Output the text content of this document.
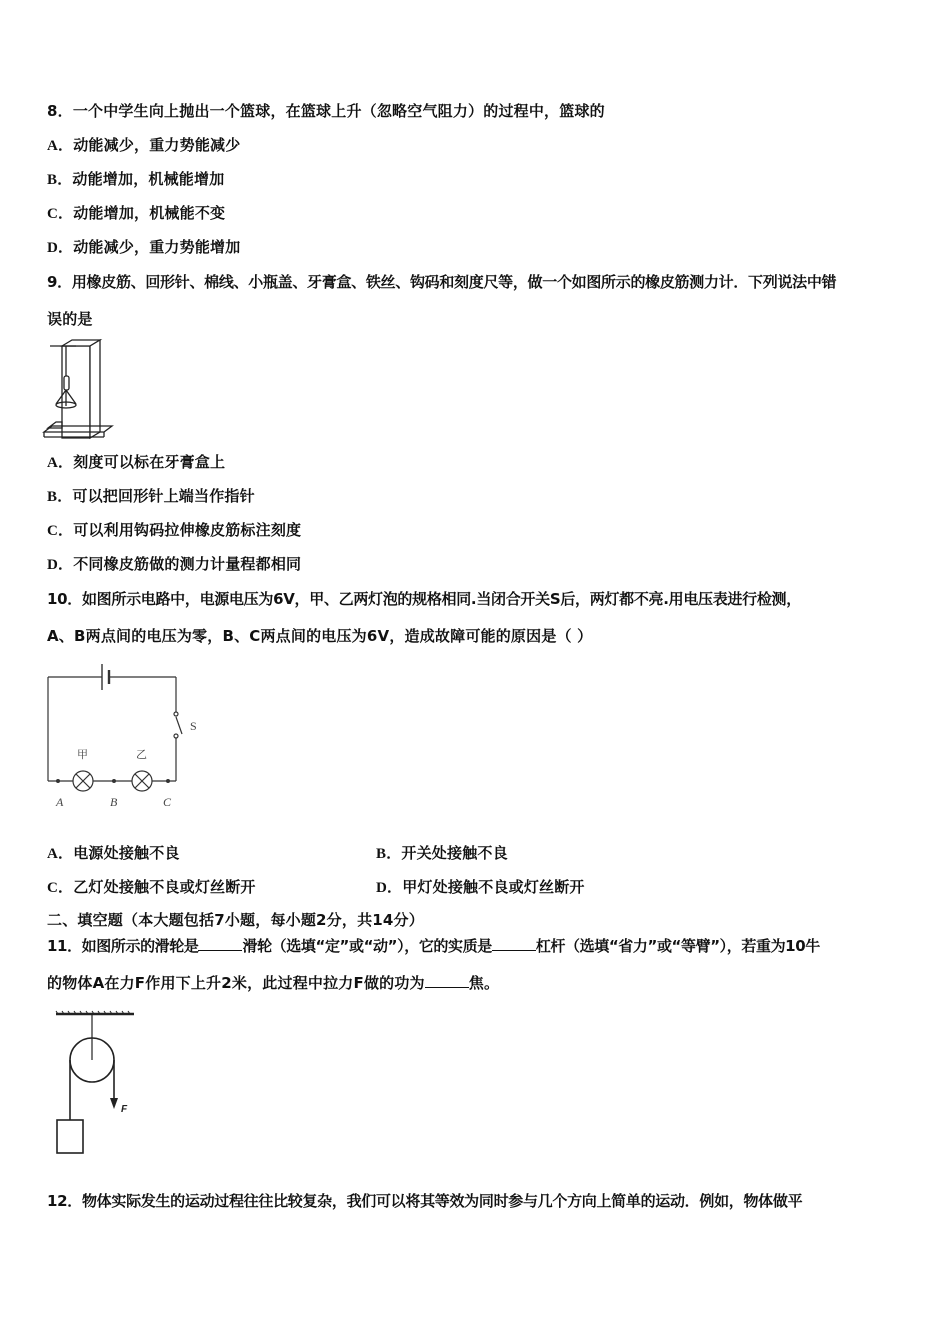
8．一个中学生向上抛出一个篮球，在篮球上升（忽略空气阻力）的过程中，篮球的
A．动能减少，重力势能减少
B．动能增加，机械能增加
C．动能增加，机械能不变
D．动能减少，重力势能增加
9．用橡皮筋、回形针、棉线、小瓶盖、牙膏盒、铁丝、钩码和刻度尺等，做一个如图所示的橡皮筋测力计．下列说法中错
误的是
A．刻度可以标在牙膏盒上
B．可以把回形针上端当作指针
C．可以利用钩码拉伸橡皮筋标注刻度
D．不同橡皮筋做的测力计量程都相同
10．如图所示电路中，电源电压为6V，甲、乙两灯泡的规格相同.当闭合开关S后，两灯都不亮.用电压表进行检测，
A、B两点间的电压为零，B、C两点间的电压为6V，造成故障可能的原因是（ ）
S
甲	乙
A	B	C
A．电源处接触不良	B．开关处接触不良
C．乙灯处接触不良或灯丝断开	D．甲灯处接触不良或灯丝断开
二、填空题（本大题包括7小题，每小题2分，共14分）
11．如图所示的滑轮是	滑轮（选填“定”或“动”），它的实质是	杠杆（选填“省力”或“等臂”），若重为10牛
的物体A在力F作用下上升2米，此过程中拉力F做的功为	焦。
F
12．物体实际发生的运动过程往往比较复杂，我们可以将其等效为同时参与几个方向上简单的运动．例如，物体做平
